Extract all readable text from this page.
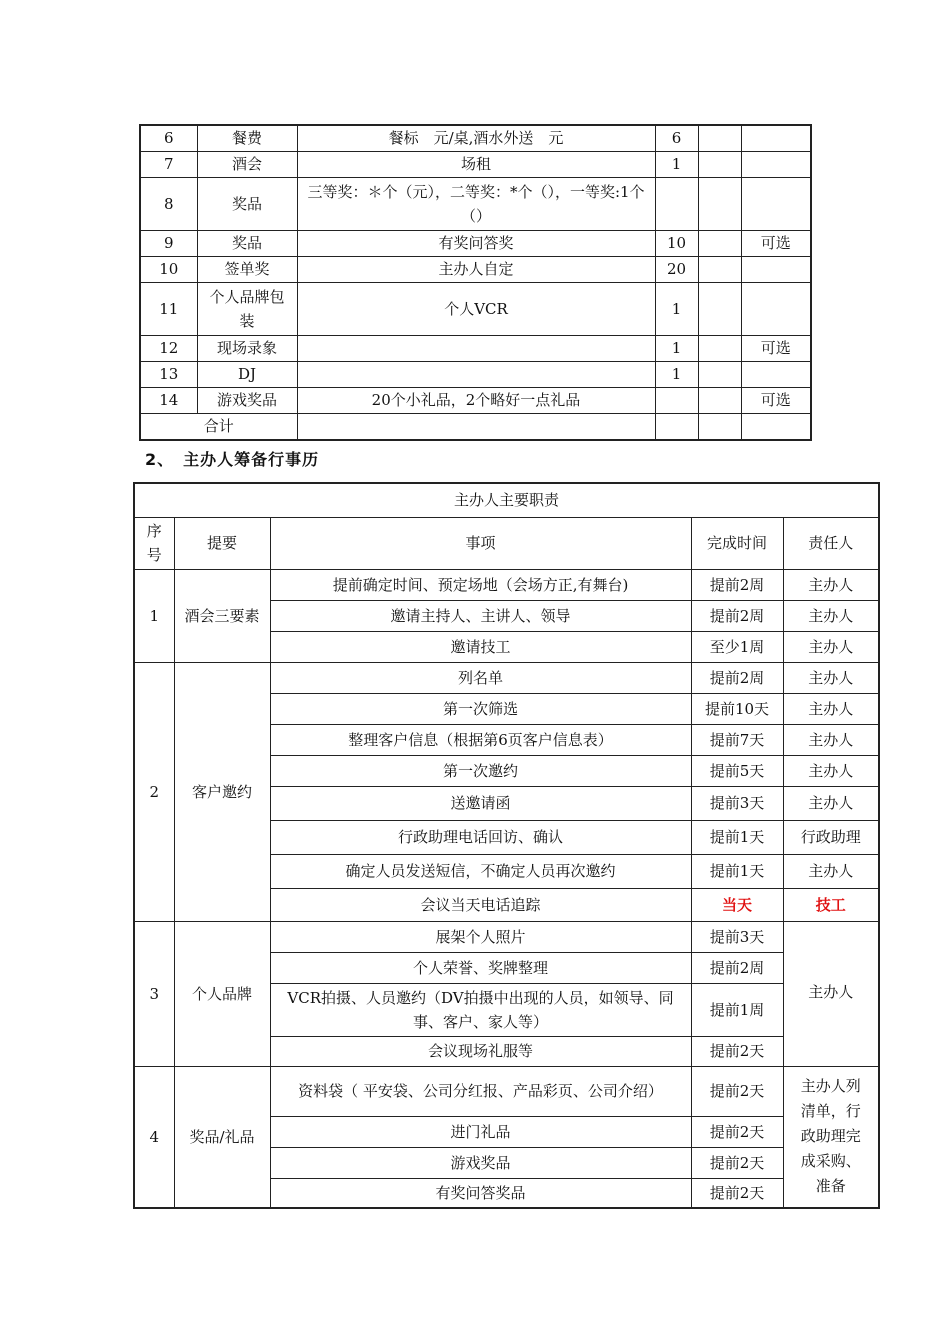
6	餐费	餐标　元/桌,酒水外送　元	6		
7	酒会	场租	1		
8	奖品	三等奖：＊个（元），二等奖：*个（），一等奖:1个（）			
9	奖品	有奖问答奖	10		可选
10	签单奖	主办人自定	20		
11	个人品牌包装	个人VCR	1		
12	现场录象		1		可选
13	DJ		1		
14	游戏奖品	20个小礼品，2个略好一点礼品			可选
合计					
2、　主办人筹备行事历
主办人主要职责				
序号	提要	事项	完成时间	责任人
1	酒会三要素	提前确定时间、预定场地（会场方正,有舞台)	提前2周	主办人
		邀请主持人、主讲人、领导	提前2周	主办人
		邀请技工	至少1周	主办人
2	客户邀约	列名单	提前2周	主办人
		第一次筛选	提前10天	主办人
		整理客户信息（根据第6页客户信息表）	提前7天	主办人
		第一次邀约	提前5天	主办人
		送邀请函	提前3天	主办人
		行政助理电话回访、确认	提前1天	行政助理
		确定人员发送短信，不确定人员再次邀约	提前1天	主办人
		会议当天电话追踪	当天	技工
3	个人品牌	展架个人照片	提前3天	主办人
		个人荣誉、奖牌整理	提前2周	
		VCR拍摄、人员邀约（DV拍摄中出现的人员，如领导、同事、客户、家人等）	提前1周	
		会议现场礼服等	提前2天	
4	奖品/礼品	资料袋（ 平安袋、公司分红报、产品彩页、公司介绍）	提前2天	主办人列清单，行政助理完成采购、准备
		进门礼品	提前2天	
		游戏奖品	提前2天	
		有奖问答奖品	提前2天	
